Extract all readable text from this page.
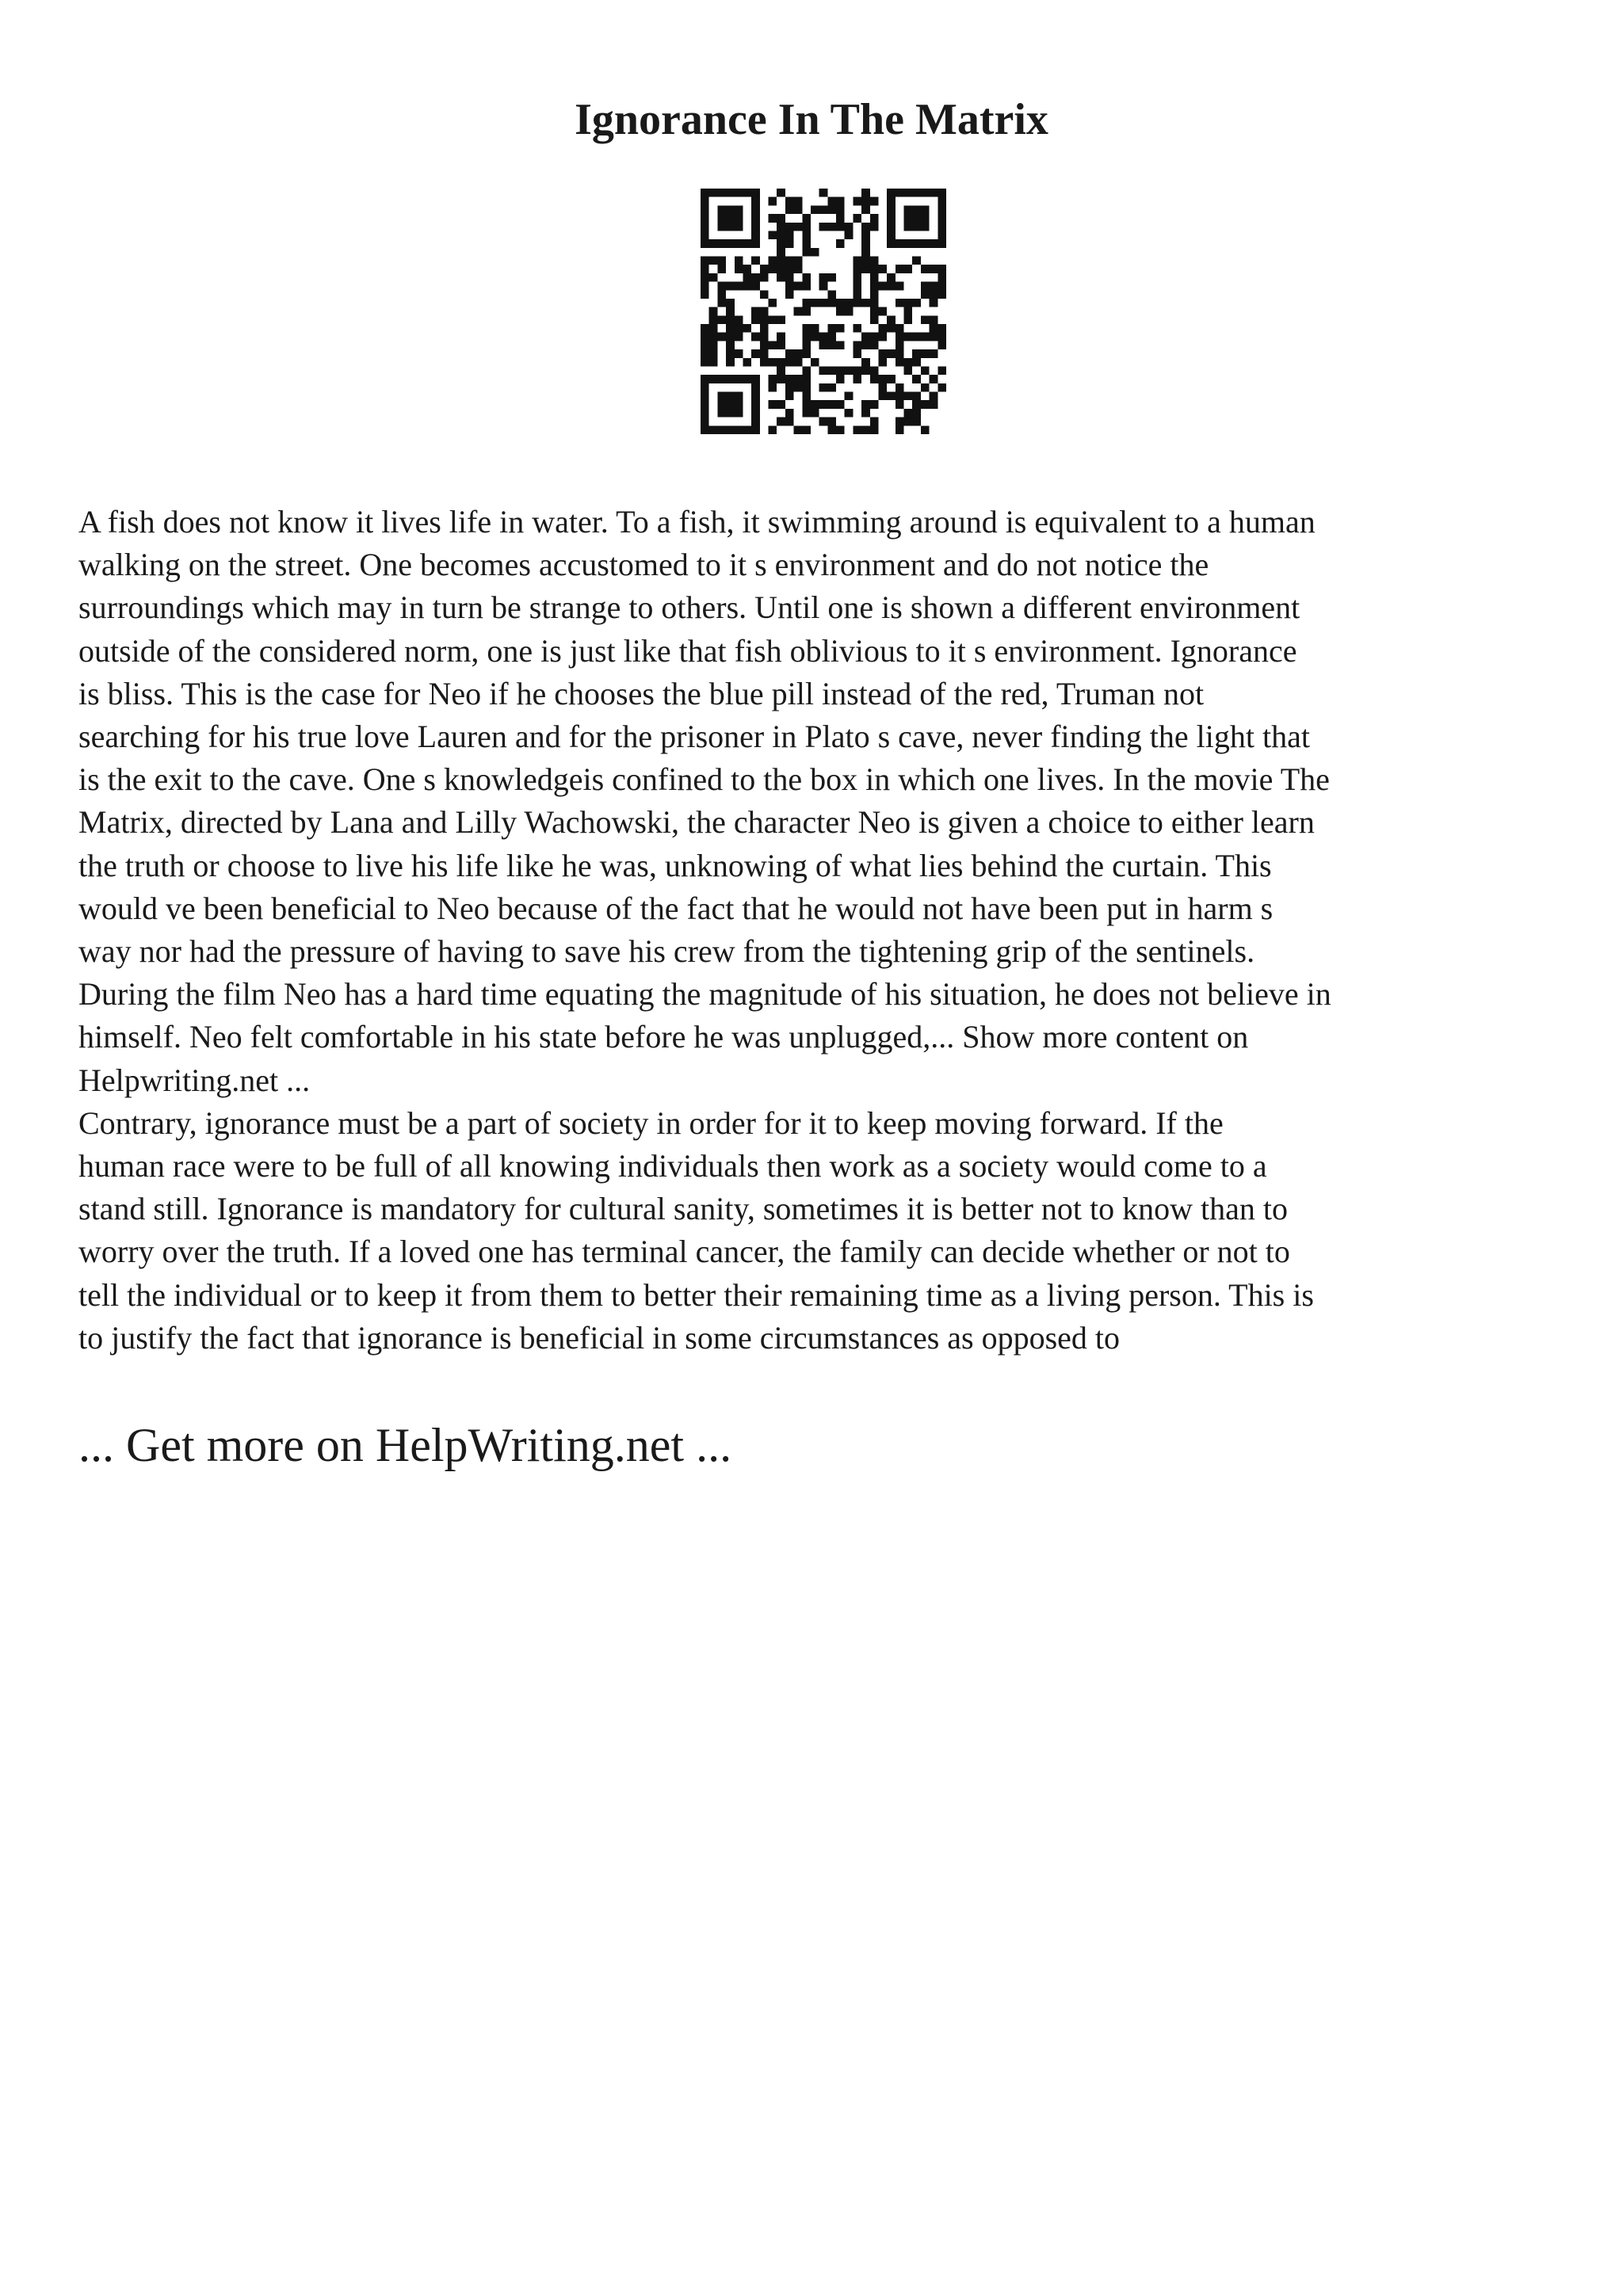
Ignorance In The Matrix

A fish does not know it lives life in water. To a fish, it swimming around is equivalent to a human
walking on the street. One becomes accustomed to it s environment and do not notice the
surroundings which may in turn be strange to others. Until one is shown a different environment
outside of the considered norm, one is just like that fish oblivious to it s environment. Ignorance
is bliss. This is the case for Neo if he chooses the blue pill instead of the red, Truman not
searching for his true love Lauren and for the prisoner in Plato s cave, never finding the light that
is the exit to the cave. One s knowledgeis confined to the box in which one lives. In the movie The
Matrix, directed by Lana and Lilly Wachowski, the character Neo is given a choice to either learn
the truth or choose to live his life like he was, unknowing of what lies behind the curtain. This
would ve been beneficial to Neo because of the fact that he would not have been put in harm s
way nor had the pressure of having to save his crew from the tightening grip of the sentinels.
During the film Neo has a hard time equating the magnitude of his situation, he does not believe in
himself. Neo felt comfortable in his state before he was unplugged,... Show more content on
Helpwriting.net ...

Contrary, ignorance must be a part of society in order for it to keep moving forward. If the
human race were to be full of all knowing individuals then work as a society would come to a
stand still. Ignorance is mandatory for cultural sanity, sometimes it is better not to know than to
worry over the truth. If a loved one has terminal cancer, the family can decide whether or not to
tell the individual or to keep it from them to better their remaining time as a living person. This is
to justify the fact that ignorance is beneficial in some circumstances as opposed to

... Get more on HelpWriting.net ...
